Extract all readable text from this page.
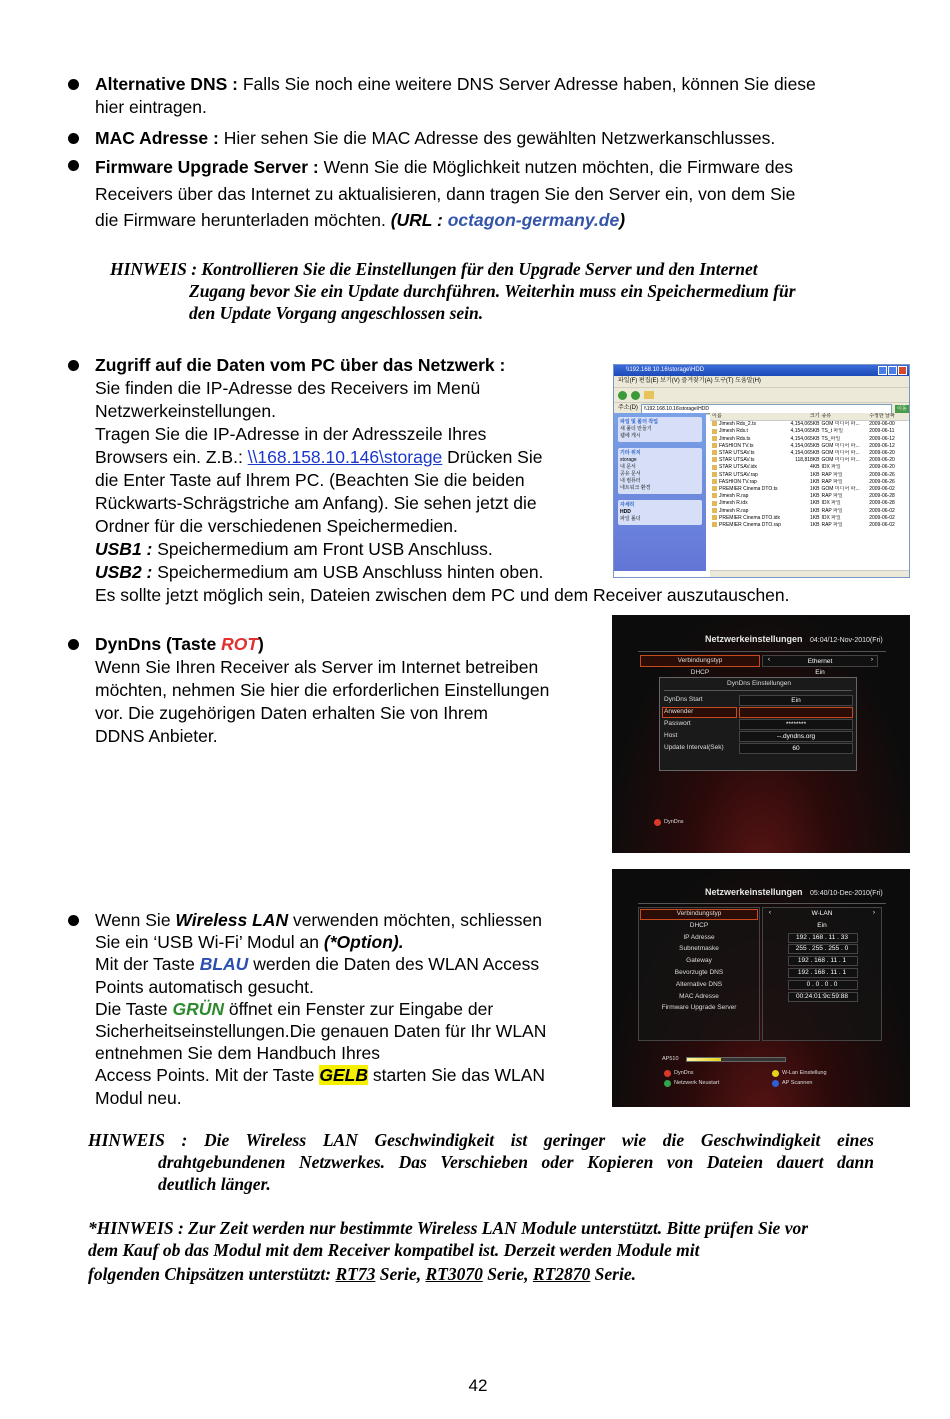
Alternative DNS : Falls Sie noch eine weitere DNS Server Adresse haben, können Sie diese
hier eintragen.
MAC Adresse : Hier sehen Sie die MAC Adresse des gewählten Netzwerkanschlusses.
Firmware Upgrade Server : Wenn Sie die Möglichkeit nutzen möchten, die Firmware des
Receivers über das Internet zu aktualisieren, dann tragen Sie den Server ein, von dem Sie
die Firmware herunterladen möchten. (URL : octagon-germany.de)
HINWEIS : Kontrollieren Sie die Einstellungen für den Upgrade Server und den Internet
Zugang bevor Sie ein Update durchführen. Weiterhin muss ein Speichermedium für
den Update Vorgang angeschlossen sein.
Zugriff auf die Daten vom PC über das Netzwerk :
Sie finden die IP-Adresse des Receivers im Menü
Netzwerkeinstellungen.
Tragen Sie die IP-Adresse in der Adresszeile Ihres
Browsers ein. Z.B.: \\168.158.10.146\storage Drücken Sie
die Enter Taste auf Ihrem PC. (Beachten Sie die beiden
Rückwarts-Schrägstriche am Anfang). Sie sehen jetzt die
Ordner für die verschiedenen Speichermedien.
USB1 : Speichermedium am Front USB Anschluss.
USB2 : Speichermedium am USB Anschluss hinten oben.
Es sollte jetzt möglich sein, Dateien zwischen dem PC und dem Receiver auszutauschen.
\\192.168.10.16\storage\HDD
파일(F) 편집(E) 보기(V) 즐겨찾기(A) 도구(T) 도움말(H)
주소(D)	\\192.168.10.16\storage\HDD	이동
파일 및 폴더 작업
새 폴더 만들기
웹에 게시
기타 위치
storage
내 문서
공유 문서
내 컴퓨터
네트워크 환경
자세히
HDD
파일 폴더
이름	크기 종류	수정한 날짜
Jimesh Rds_2.ts	4,154,065KB GOM 미디어 파...	2009-06-00
Jimesh Rds.t	4,154,065KB TS_t 파일	2009-06-11
Jimesh Rds.ts	4,154,065KB TS_파일	2009-06-12
FASHION TV.ts	4,154,065KB GOM 미디어 파...	2009-06-12
STAR UTSAV.ts	4,154,065KB GOM 미디어 파...	2009-06-20
STAR UTSAV.ts	118,818KB GOM 미디어 파...	2009-06-20
STAR UTSAV.idx	4KB IDX 파일	2009-06-20
STAR UTSAV.rap	1KB RAP 파일	2009-06-26
FASHION TV.rap	1KB RAP 파일	2009-06-26
PREMIER Cinema DTO.ts	1KB GOM 미디어 파...	2009-06-02
Jimesh R.rap	1KB RAP 파일	2009-06-28
Jimesh R.idx	1KB IDX 파일	2009-06-28
Jimesh R.rap	1KB RAP 파일	2009-06-02
PREMIER Cinema DTO.idx	1KB IDX 파일	2009-06-02
PREMIER Cinema DTO.rap	1KB RAP 파일	2009-06-02
DynDns (Taste ROT)
Wenn Sie Ihren Receiver als Server im Internet betreiben
möchten, nehmen Sie hier die erforderlichen Einstellungen
vor. Die zugehörigen Daten erhalten Sie von Ihrem
DDNS Anbieter.
Netzwerkeinstellungen 04:04/12-Nov-2010(Fri)
Verbindungstyp	‹	Ethernet	›
DHCP	Ein
DynDns Einstellungen
DynDns
DynDns Start	Ein
Anwender
Passwort	********
Host	--.dyndns.org
Update Interval(Sek)	60
Wenn Sie Wireless LAN verwenden möchten, schliessen
Sie ein ‘USB Wi-Fi’ Modul an (*Option).
Mit der Taste BLAU werden die Daten des WLAN Access
Points automatisch gesucht.
Die Taste GRÜN öffnet ein Fenster zur Eingabe der
Sicherheitseinstellungen.Die genauen Daten für Ihr WLAN
entnehmen Sie dem Handbuch Ihres
Access Points. Mit der Taste GELB starten Sie das WLAN
Modul neu.
Netzwerkeinstellungen 05:40/10-Dec-2010(Fri)
‹	›
AP510
Verbindungstyp	W-LAN
DHCP	Ein
IP Adresse	192 . 168 . 11 . 33
Subnetmaske	255 . 255 . 255 . 0
Gateway	192 . 168 . 11 . 1
Bevorzugte DNS	192 . 168 . 11 . 1
Alternative DNS	0 . 0 . 0 . 0
MAC Adresse	00:24:01:9c:59:88
Firmware Upgrade Server
DynDns	W-Lan Einstellung
Netzwerk Neustart	AP Scannen
HINWEIS : Die Wireless LAN Geschwindigkeit ist geringer wie die Geschwindigkeit eines
drahtgebundenen Netzwerkes. Das Verschieben oder Kopieren von Dateien dauert dann
deutlich länger.
*HINWEIS : Zur Zeit werden nur bestimmte Wireless LAN Module unterstützt. Bitte prüfen Sie vor
dem Kauf ob das Modul mit dem Receiver kompatibel ist. Derzeit werden Module mit
folgenden Chipsätzen unterstützt: RT73 Serie, RT3070 Serie, RT2870 Serie.
42
